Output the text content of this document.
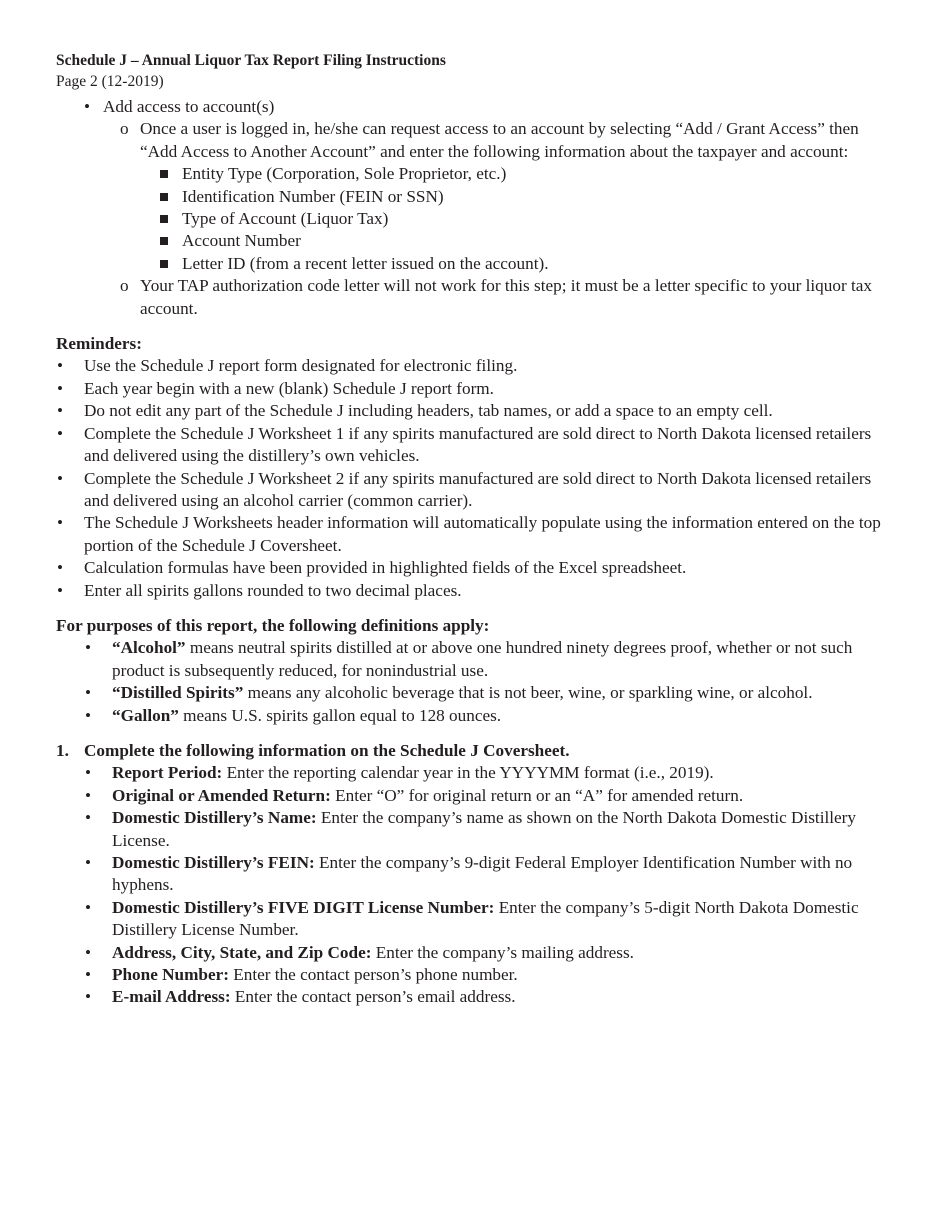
Schedule J – Annual Liquor Tax Report Filing Instructions
Page 2 (12-2019)
• Add access to account(s)
o Once a user is logged in, he/she can request access to an account by selecting “Add / Grant Access” then “Add Access to Another Account” and enter the following information about the taxpayer and account:
Entity Type (Corporation, Sole Proprietor, etc.)
Identification Number (FEIN or SSN)
Type of Account (Liquor Tax)
Account Number
Letter ID (from a recent letter issued on the account).
o Your TAP authorization code letter will not work for this step; it must be a letter specific to your liquor tax account.
Reminders:
• Use the Schedule J report form designated for electronic filing.
• Each year begin with a new (blank) Schedule J report form.
• Do not edit any part of the Schedule J including headers, tab names, or add a space to an empty cell.
• Complete the Schedule J Worksheet 1 if any spirits manufactured are sold direct to North Dakota licensed retailers and delivered using the distillery’s own vehicles.
• Complete the Schedule J Worksheet 2 if any spirits manufactured are sold direct to North Dakota licensed retailers and delivered using an alcohol carrier (common carrier).
• The Schedule J Worksheets header information will automatically populate using the information entered on the top portion of the Schedule J Coversheet.
• Calculation formulas have been provided in highlighted fields of the Excel spreadsheet.
• Enter all spirits gallons rounded to two decimal places.
For purposes of this report, the following definitions apply:
• “Alcohol” means neutral spirits distilled at or above one hundred ninety degrees proof, whether or not such product is subsequently reduced, for nonindustrial use.
• “Distilled Spirits” means any alcoholic beverage that is not beer, wine, or sparkling wine, or alcohol.
• “Gallon” means U.S. spirits gallon equal to 128 ounces.
1. Complete the following information on the Schedule J Coversheet.
• Report Period: Enter the reporting calendar year in the YYYYMM format (i.e., 2019).
• Original or Amended Return: Enter “O” for original return or an “A” for amended return.
• Domestic Distillery’s Name: Enter the company’s name as shown on the North Dakota Domestic Distillery License.
• Domestic Distillery’s FEIN: Enter the company’s 9-digit Federal Employer Identification Number with no hyphens.
• Domestic Distillery’s FIVE DIGIT License Number: Enter the company’s 5-digit North Dakota Domestic Distillery License Number.
• Address, City, State, and Zip Code: Enter the company’s mailing address.
• Phone Number: Enter the contact person’s phone number.
• E-mail Address: Enter the contact person’s email address.
